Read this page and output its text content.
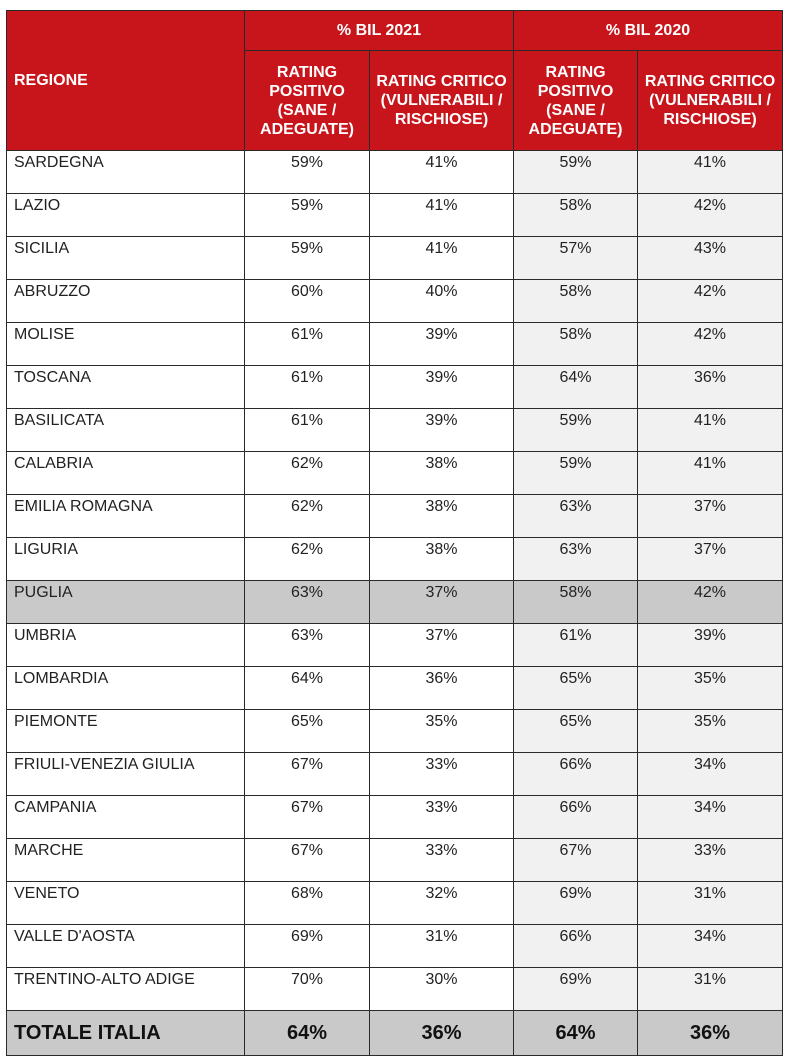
REGIONE	% BIL 2021		% BIL 2020	
	RATING POSITIVO (SANE / ADEGUATE)	RATING CRITICO (VULNERABILI / RISCHIOSE)	RATING POSITIVO (SANE / ADEGUATE)	RATING CRITICO (VULNERABILI / RISCHIOSE)
SARDEGNA	59%	41%	59%	41%
LAZIO	59%	41%	58%	42%
SICILIA	59%	41%	57%	43%
ABRUZZO	60%	40%	58%	42%
MOLISE	61%	39%	58%	42%
TOSCANA	61%	39%	64%	36%
BASILICATA	61%	39%	59%	41%
CALABRIA	62%	38%	59%	41%
EMILIA ROMAGNA	62%	38%	63%	37%
LIGURIA	62%	38%	63%	37%
PUGLIA	63%	37%	58%	42%
UMBRIA	63%	37%	61%	39%
LOMBARDIA	64%	36%	65%	35%
PIEMONTE	65%	35%	65%	35%
FRIULI-VENEZIA GIULIA	67%	33%	66%	34%
CAMPANIA	67%	33%	66%	34%
MARCHE	67%	33%	67%	33%
VENETO	68%	32%	69%	31%
VALLE D'AOSTA	69%	31%	66%	34%
TRENTINO-ALTO ADIGE	70%	30%	69%	31%
TOTALE ITALIA	64%	36%	64%	36%
